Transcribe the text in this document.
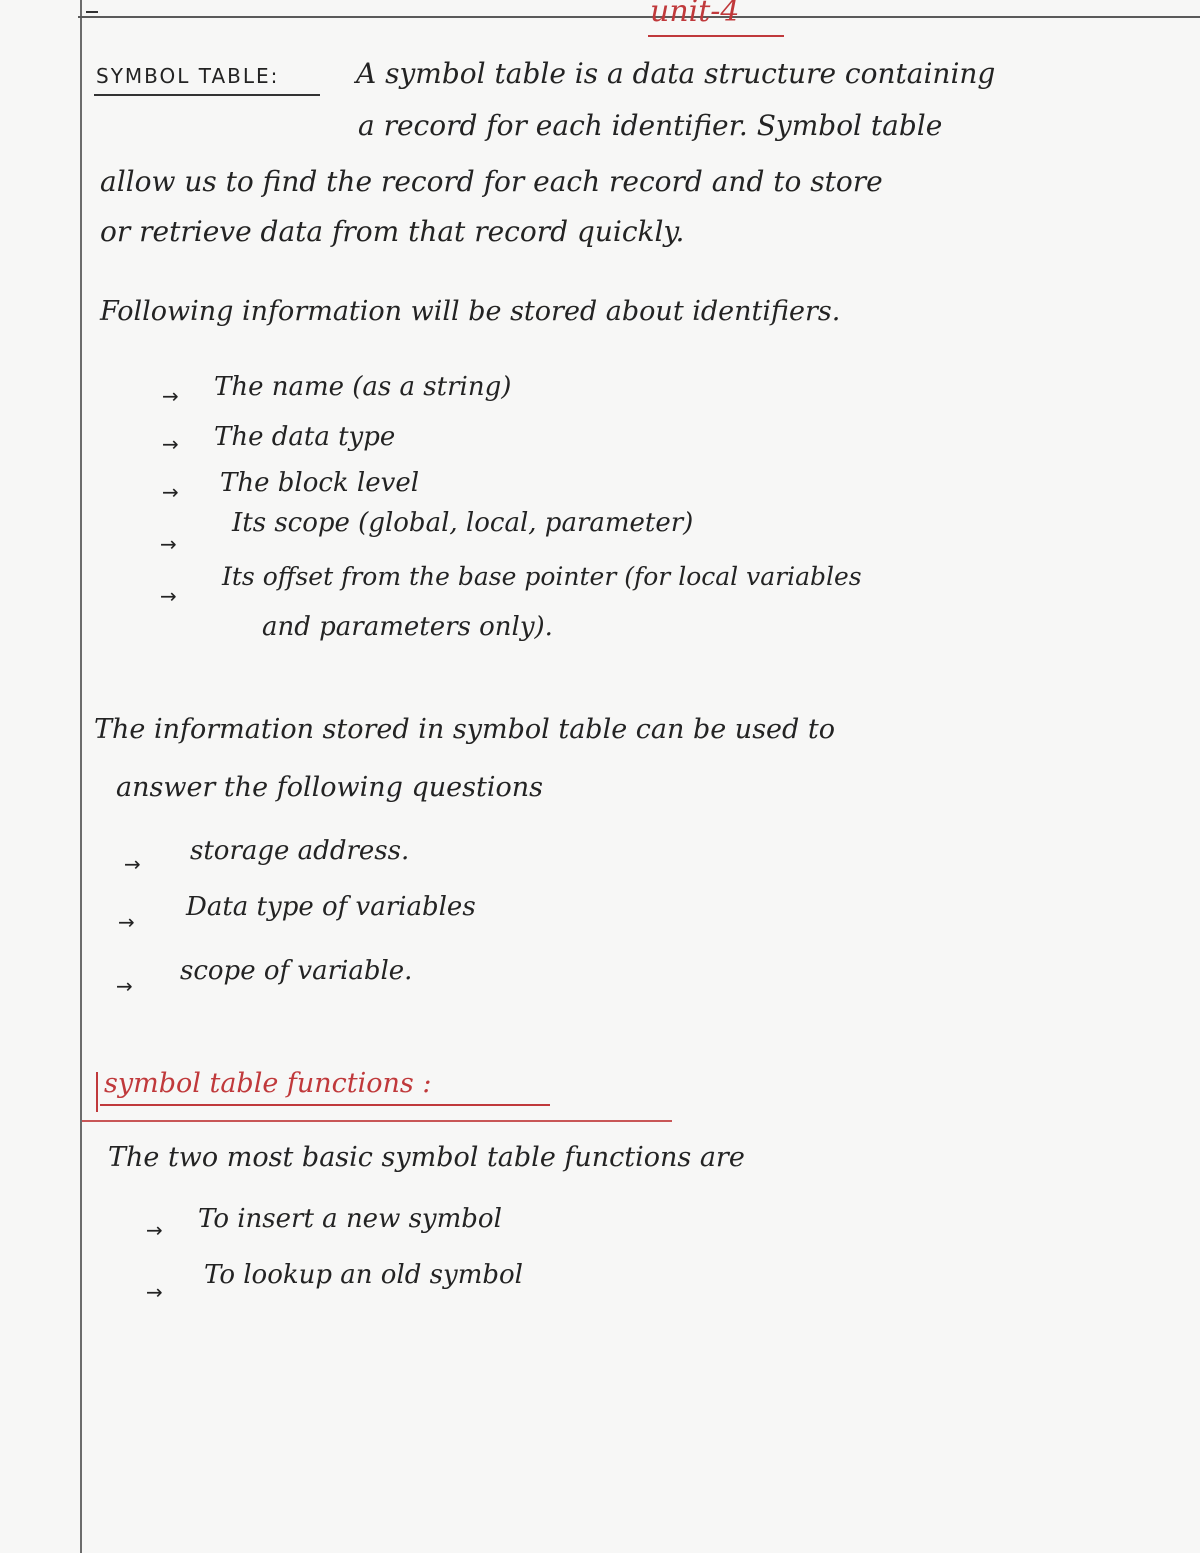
unit-4
SYMBOL TABLE:	A symbol table is a data structure containing
a record for each identifier. Symbol table
allow us to find the record for each record and to store
or retrieve data from that record quickly.
Following information will be stored about identifiers.
→ The name (as a string)
→ The data type
→ The block level
→
Its scope (global, local, parameter)
→
Its offset from the base pointer (for local variables
and parameters only).
The information stored in symbol table can be used to
answer the following questions
→ storage address.
→ Data type of variables
→ scope of variable.
symbol table functions :
The two most basic symbol table functions are
→ To insert a new symbol
→
To lookup an old symbol
